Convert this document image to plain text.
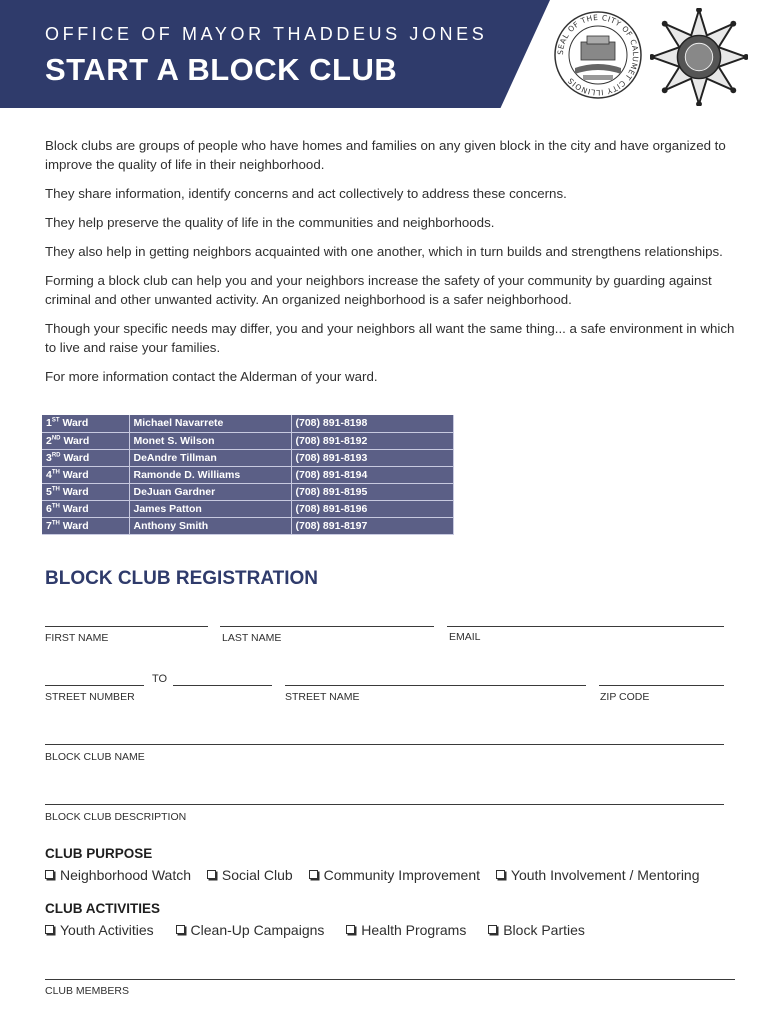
OFFICE OF MAYOR THADDEUS JONES
START A BLOCK CLUB	SEAL OF THE CITY OF CALUMET CITY ILLINOIS

Block clubs are groups of people who have homes and families on any given block in the city and have organized to improve the quality of life in their neighborhood.

They share information, identify concerns and act collectively to address these concerns.

They help preserve the quality of life in the communities and neighborhoods.

They also help in getting neighbors acquainted with one another, which in turn builds and strengthens relationships.

Forming a block club can help you and your neighbors increase the safety of your community by guarding against criminal and other unwanted activity. An organized neighborhood is a safer neighborhood.

Though your specific needs may differ, you and your neighbors all want the same thing... a safe environment in which to live and raise your families.

For more information contact the Alderman of your ward.

1ST Ward	Michael Navarrete	(708) 891-8198
2ND Ward	Monet S. Wilson	(708) 891-8192
3RD Ward	DeAndre Tillman	(708) 891-8193
4TH Ward	Ramonde D. Williams	(708) 891-8194
5TH Ward	DeJuan Gardner	(708) 891-8195
6TH Ward	James Patton	(708) 891-8196
7TH Ward	Anthony Smith	(708) 891-8197
BLOCK CLUB REGISTRATION
FIRST NAME	LAST NAME	EMAIL
TO
STREET NUMBER	STREET NAME	ZIP CODE
BLOCK CLUB NAME
BLOCK CLUB DESCRIPTION
CLUB PURPOSE
Neighborhood Watch
Social Club
Community Improvement
Youth Involvement / Mentoring
CLUB ACTIVITIES
Youth Activities
	Clean-Up Campaigns
	Health Programs
	Block Parties
CLUB MEMBERS
